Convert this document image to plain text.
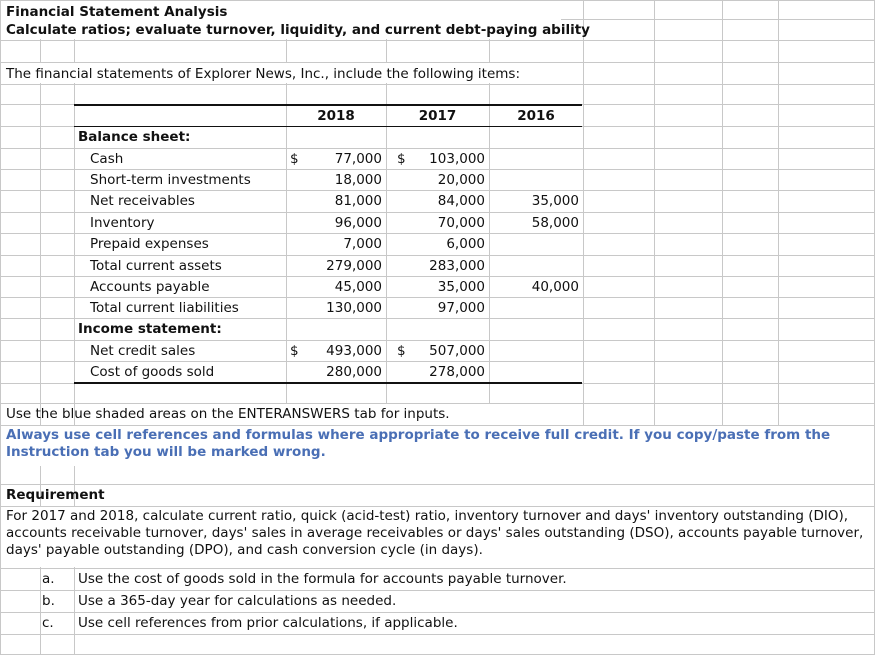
Financial Statement Analysis
Calculate ratios; evaluate turnover, liquidity, and current debt-paying ability
The financial statements of Explorer News, Inc., include the following items:
2018	2017	2016
Balance sheet:
Cash	$	77,000 $	103,000
Short-term investments	18,000	20,000
Net receivables	81,000	84,000	35,000
Inventory	96,000	70,000	58,000
Prepaid expenses	7,000	6,000
Total current assets	279,000	283,000
Accounts payable	45,000	35,000	40,000
Total current liabilities	130,000	97,000
Income statement:
Net credit sales	$	493,000 $	507,000
Cost of goods sold	280,000	278,000
Use the blue shaded areas on the ENTERANSWERS tab for inputs.
Always use cell references and formulas where appropriate to receive full credit. If you copy/paste from the Instruction tab you will be marked wrong.
Requirement
For 2017 and 2018, calculate current ratio, quick (acid-test) ratio, inventory turnover and days' inventory outstanding (DIO), accounts receivable turnover, days' sales in average receivables or days' sales outstanding (DSO), accounts payable turnover, days' payable outstanding (DPO), and cash conversion cycle (in days).
a. Use the cost of goods sold in the formula for accounts payable turnover.
b. Use a 365-day year for calculations as needed.
c. Use cell references from prior calculations, if applicable.
